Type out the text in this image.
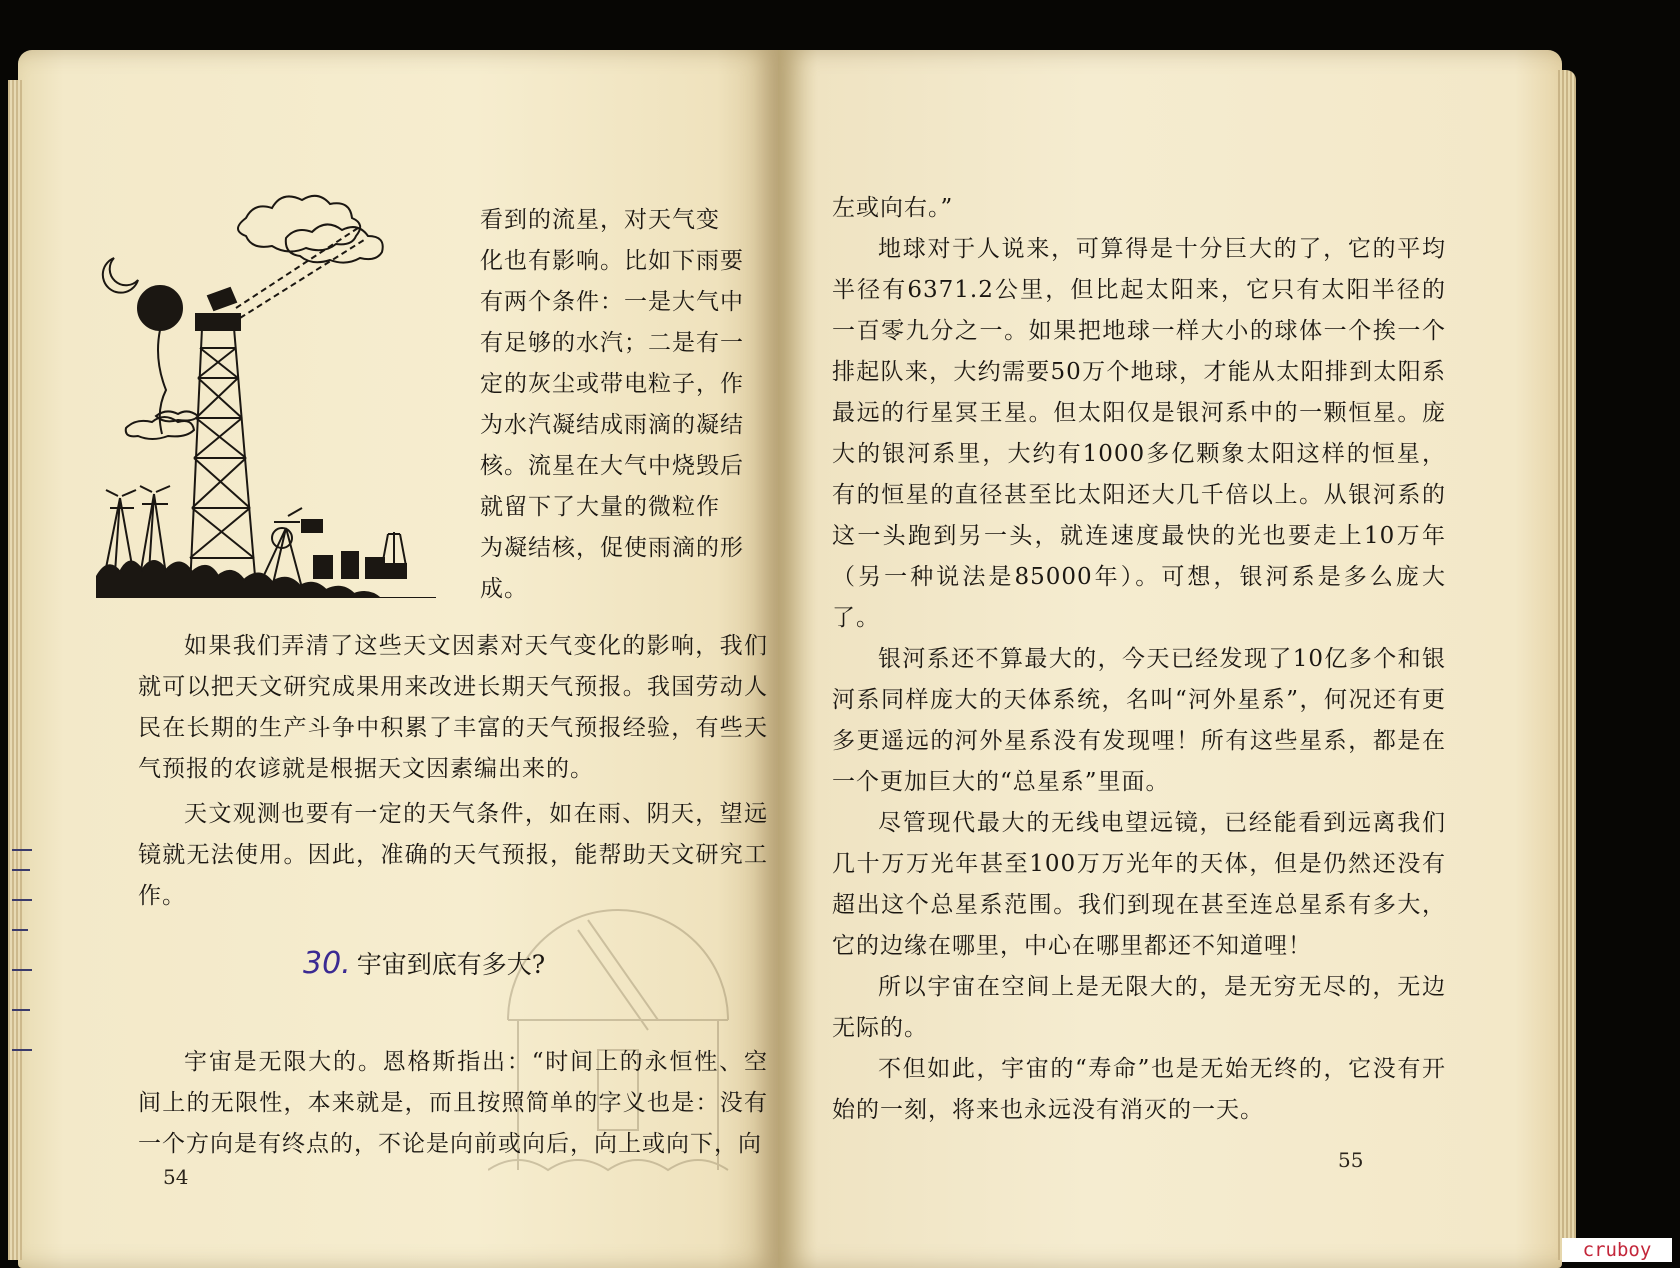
看到的流星，对天气变

化也有影响。比如下雨要

有两个条件：一是大气中

有足够的水汽；二是有一

定的灰尘或带电粒子，作

为水汽凝结成雨滴的凝结

核。流星在大气中烧毁后

就留下了大量的微粒作

为凝结核，促使雨滴的形

成。

如果我们弄清了这些天文因素对天气变化的影响，我们就可以把天文研究成果用来改进长期天气预报。我国劳动人民在长期的生产斗争中积累了丰富的天气预报经验，有些天气预报的农谚就是根据天文因素编出来的。

天文观测也要有一定的天气条件，如在雨、阴天，望远镜就无法使用。因此，准确的天气预报，能帮助天文研究工作。

30. 宇宙到底有多大?

宇宙是无限大的。恩格斯指出：“时间上的永恒性、空间上的无限性，本来就是，而且按照简单的字义也是：没有一个方向是有终点的，不论是向前或向后，向上或向下，向

54

左或向右。”

地球对于人说来，可算得是十分巨大的了，它的平均半径有6371.2公里，但比起太阳来，它只有太阳半径的一百零九分之一。如果把地球一样大小的球体一个挨一个排起队来，大约需要50万个地球，才能从太阳排到太阳系最远的行星冥王星。但太阳仅是银河系中的一颗恒星。庞大的银河系里，大约有1000多亿颗象太阳这样的恒星，有的恒星的直径甚至比太阳还大几千倍以上。从银河系的这一头跑到另一头，就连速度最快的光也要走上10万年（另一种说法是85000年）。可想，银河系是多么庞大了。

银河系还不算最大的，今天已经发现了10亿多个和银河系同样庞大的天体系统，名叫“河外星系”，何况还有更多更遥远的河外星系没有发现哩！所有这些星系，都是在一个更加巨大的“总星系”里面。

尽管现代最大的无线电望远镜，已经能看到远离我们几十万万光年甚至100万万光年的天体，但是仍然还没有超出这个总星系范围。我们到现在甚至连总星系有多大，它的边缘在哪里，中心在哪里都还不知道哩！

所以宇宙在空间上是无限大的，是无穷无尽的，无边无际的。

不但如此，宇宙的“寿命”也是无始无终的，它没有开始的一刻，将来也永远没有消灭的一天。

55
cruboy
